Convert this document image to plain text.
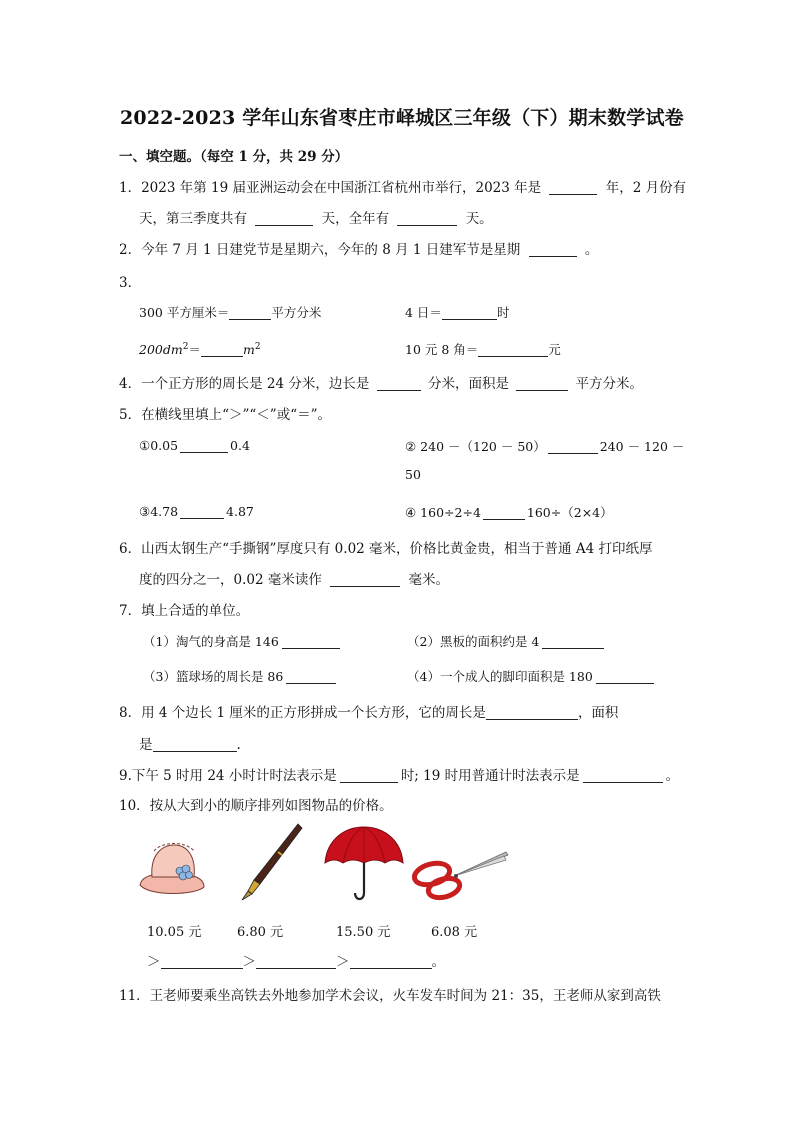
2022-2023 学年山东省枣庄市峄城区三年级（下）期末数学试卷
一、填空题。（每空 1 分，共 29 分）
1．2023 年第 19 届亚洲运动会在中国浙江省杭州市举行，2023 年是	年，2 月份有
天，第三季度共有	天，全年有	天。
2．今年 7 月 1 日建党节是星期六，今年的 8 月 1 日建军节是星期	。
3．
300 平方厘米＝	平方分米	4 日＝	时
$200dm^2=$	$m^2$	10 元 8 角＝	元
4．一个正方形的周长是 24 分米，边长是	分米，面积是	平方分米。
5．在横线里填上“＞”“＜”或“＝”。
①0.05	0.4	② 240 －（120 － 50）	240 － 120 －
50
③4.78	4.87	④ 160÷2÷4	160÷（2×4）
6．山西太钢生产“手撕钢”厚度只有 0.02 毫米，价格比黄金贵，相当于普通 A4 打印纸厚
度的四分之一，0.02 毫米读作	毫米。
7．填上合适的单位。
（1）淘气的身高是 146	（2）黑板的面积约是 4
（3）篮球场的周长是 86	（4）一个成人的脚印面积是 180
8．用 4 个边长 1 厘米的正方形拼成一个长方形，它的周长是	，面积
是	.
9.下午 5 时用 24 小时计时法表示是	时; 19 时用普通计时法表示是	。
10．按从大到小的顺序排列如图物品的价格。
10.05 元	6.80 元	15.50 元	6.08 元
＞	＞	＞	。
11．王老师要乘坐高铁去外地参加学术会议，火车发车时间为 21：35，王老师从家到高铁
